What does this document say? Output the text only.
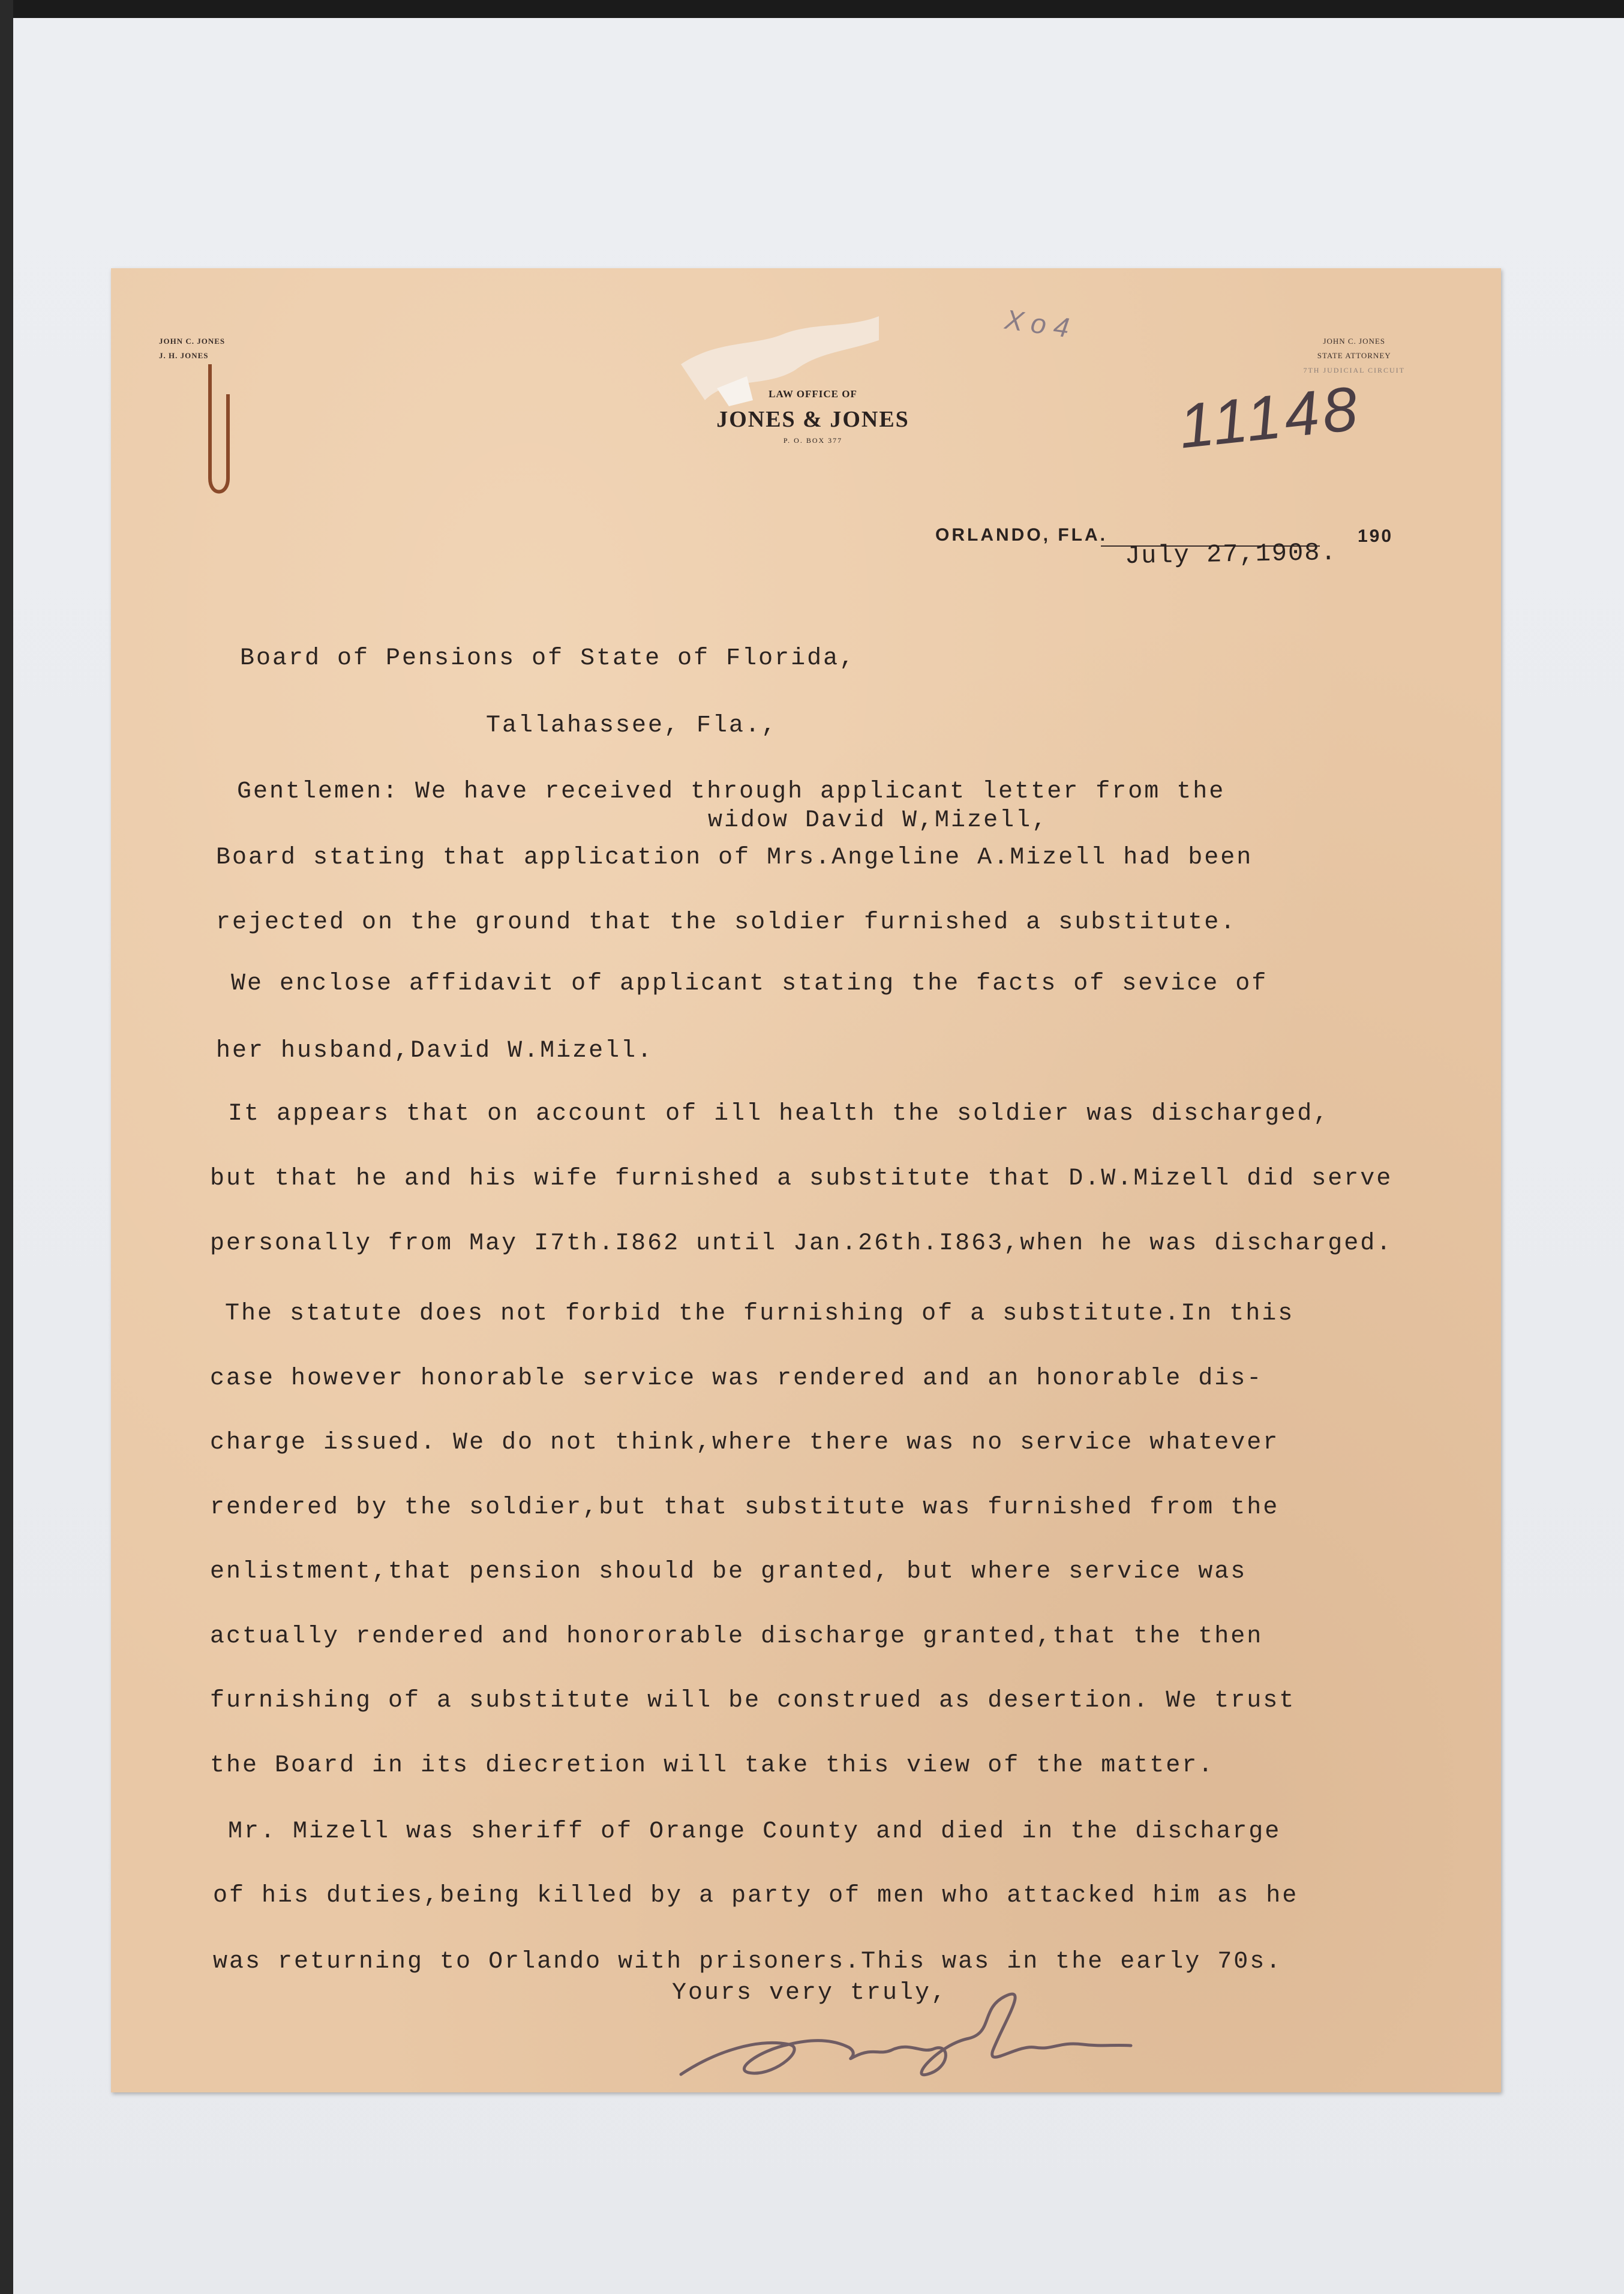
JOHN C. JONES
J. H. JONES
JOHN C. JONES
STATE ATTORNEY
7TH JUDICIAL CIRCUIT
LAW OFFICE OF
JONES & JONES
P. O. BOX 377
X o 4
11148
ORLANDO, FLA.
July 27,1908.
190
Board of Pensions of State of Florida,
Tallahassee, Fla.,
Gentlemen: We have received through applicant letter from the
widow David W,Mizell,
Board stating that application of Mrs.Angeline A.Mizell had been
rejected on the ground that the soldier furnished a substitute.
We enclose affidavit of applicant stating the facts of sevice of
her husband,David W.Mizell.
It appears that on account of ill health the soldier was discharged,
but that he and his wife furnished a substitute that D.W.Mizell did serve
personally from May I7th.I862 until Jan.26th.I863,when he was discharged.
The statute does not forbid the furnishing of a substitute.In this
case however honorable service was rendered and an honorable dis-
charge issued. We do not think,where there was no service whatever
rendered by the soldier,but that substitute was furnished from the
enlistment,that pension should be granted, but where service was
actually rendered and honororable discharge granted,that the then
furnishing of a substitute will be construed as desertion. We trust
the Board in its diecretion will take this view of the matter.
Mr. Mizell was sheriff of Orange County and died in the discharge
of his duties,being killed by a party of men who attacked him as he
was returning to Orlando with prisoners.This was in the early 70s.
Yours very truly,
